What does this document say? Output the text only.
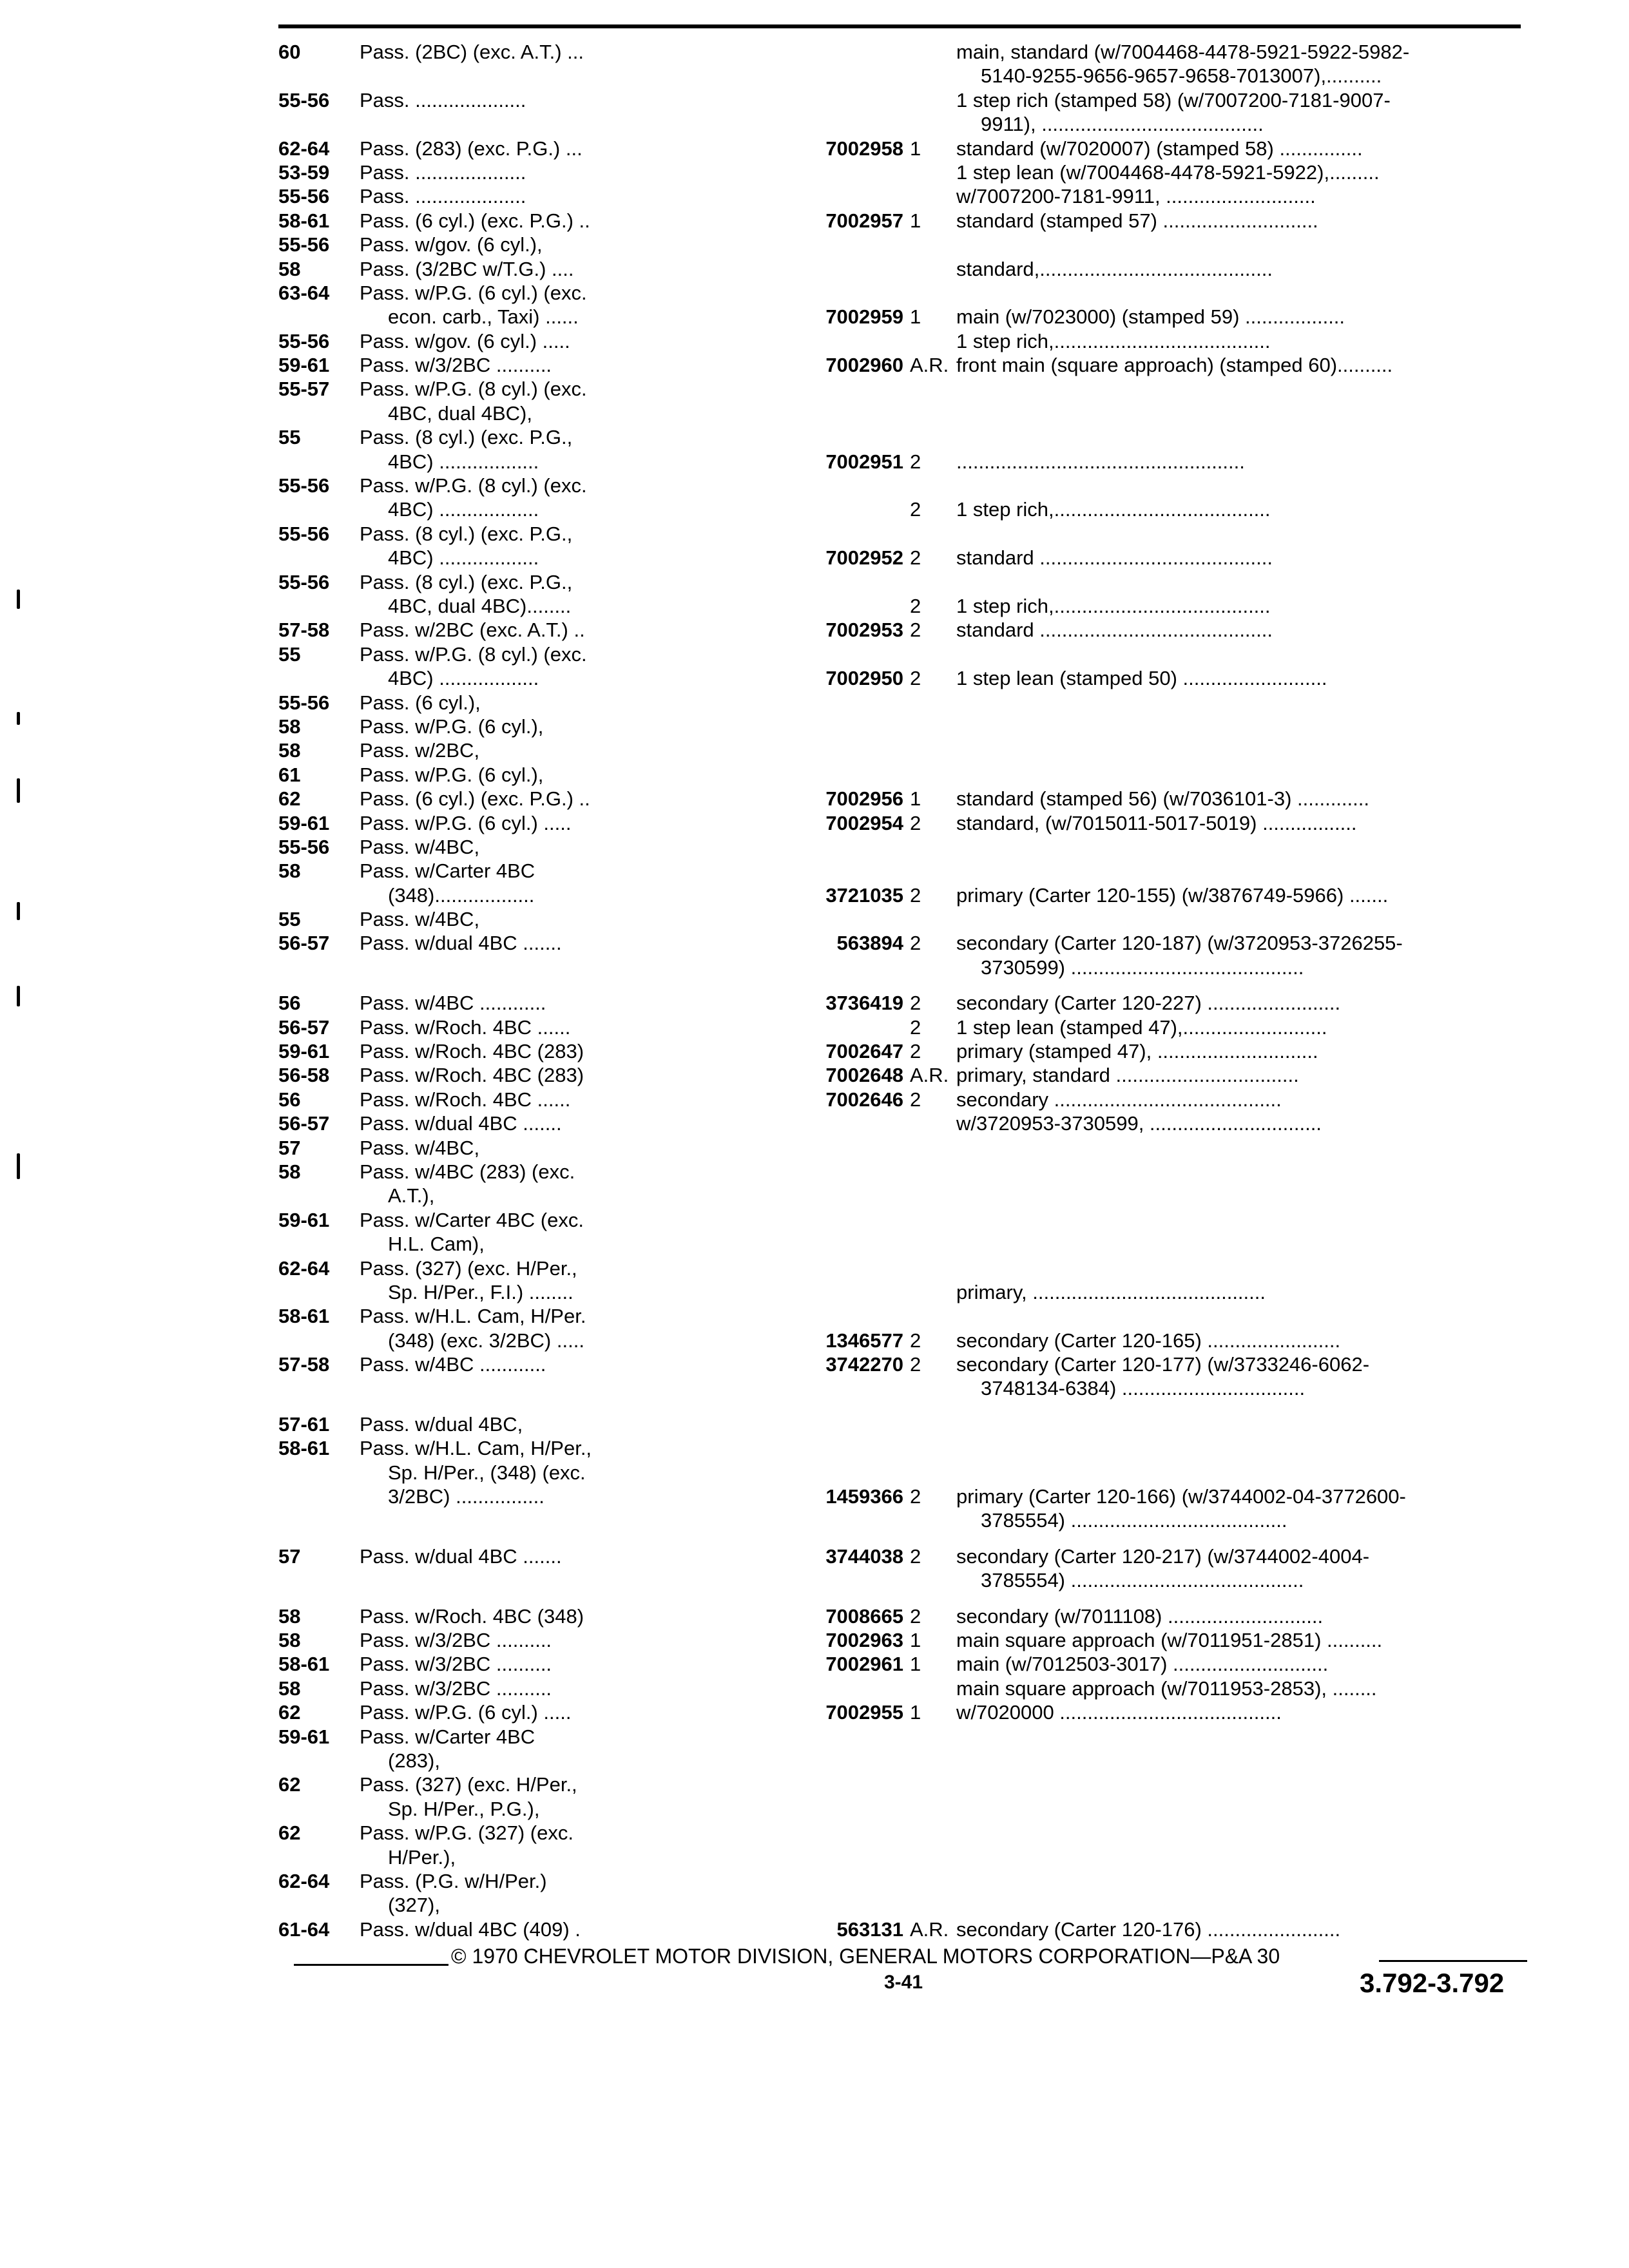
60	Pass. (2BC) (exc. A.T.) ...	main, standard (w/7004468-4478-5921-5922-5982-
5140-9255-9656-9657-9658-7013007),..........
55-56	Pass. ....................	1 step rich (stamped 58) (w/7007200-7181-9007-
9911), ........................................
62-64	Pass. (283) (exc. P.G.) ...	7002958 1	standard (w/7020007) (stamped 58) ...............
53-59	Pass. ....................	1 step lean (w/7004468-4478-5921-5922),.........
55-56	Pass. ....................	w/7007200-7181-9911, ...........................
58-61	Pass. (6 cyl.) (exc. P.G.) ..	7002957 1	standard (stamped 57) ............................
55-56	Pass. w/gov. (6 cyl.),
58	Pass. (3/2BC w/T.G.) ....	standard,..........................................
63-64	Pass. w/P.G. (6 cyl.) (exc.
econ. carb., Taxi) ......	7002959 1	main (w/7023000) (stamped 59) ..................
55-56	Pass. w/gov. (6 cyl.) .....	1 step rich,.......................................
59-61	Pass. w/3/2BC ..........	7002960 A.R. front main (square approach) (stamped 60)..........
55-57	Pass. w/P.G. (8 cyl.) (exc.
4BC, dual 4BC),
55	Pass. (8 cyl.) (exc. P.G.,
4BC) ..................	7002951 2	....................................................
55-56	Pass. w/P.G. (8 cyl.) (exc.
4BC) ..................	2	1 step rich,.......................................
55-56	Pass. (8 cyl.) (exc. P.G.,
4BC) ..................	7002952 2	standard ..........................................
55-56	Pass. (8 cyl.) (exc. P.G.,
4BC, dual 4BC)........	2	1 step rich,.......................................
57-58	Pass. w/2BC (exc. A.T.) ..	7002953 2	standard ..........................................
55	Pass. w/P.G. (8 cyl.) (exc.
4BC) ..................	7002950 2	1 step lean (stamped 50) ..........................
55-56	Pass. (6 cyl.),
58	Pass. w/P.G. (6 cyl.),
58	Pass. w/2BC,
61	Pass. w/P.G. (6 cyl.),
62	Pass. (6 cyl.) (exc. P.G.) ..	7002956 1	standard (stamped 56) (w/7036101-3) .............
59-61	Pass. w/P.G. (6 cyl.) .....	7002954 2	standard, (w/7015011-5017-5019) .................
55-56	Pass. w/4BC,
58	Pass. w/Carter 4BC
(348)..................	3721035 2	primary (Carter 120-155) (w/3876749-5966) .......
55	Pass. w/4BC,
56-57	Pass. w/dual 4BC .......	563894 2	secondary (Carter 120-187) (w/3720953-3726255-
3730599) ..........................................
56	Pass. w/4BC ............	3736419 2	secondary (Carter 120-227) ........................
56-57	Pass. w/Roch. 4BC ......	2	1 step lean (stamped 47),..........................
59-61	Pass. w/Roch. 4BC (283)	7002647 2	primary (stamped 47), .............................
56-58	Pass. w/Roch. 4BC (283)	7002648 A.R. primary, standard .................................
56	Pass. w/Roch. 4BC ......	7002646 2	secondary .........................................
56-57	Pass. w/dual 4BC .......	w/3720953-3730599, ...............................
57	Pass. w/4BC,
58	Pass. w/4BC (283) (exc.
A.T.),
59-61	Pass. w/Carter 4BC (exc.
H.L. Cam),
62-64	Pass. (327) (exc. H/Per.,
Sp. H/Per., F.I.) ........	primary, ..........................................
58-61	Pass. w/H.L. Cam, H/Per.
(348) (exc. 3/2BC) .....	1346577 2	secondary (Carter 120-165) ........................
57-58	Pass. w/4BC ............	3742270 2	secondary (Carter 120-177) (w/3733246-6062-
3748134-6384) .................................
57-61	Pass. w/dual 4BC,
58-61	Pass. w/H.L. Cam, H/Per.,
Sp. H/Per., (348) (exc.
3/2BC) ................	1459366 2	primary (Carter 120-166) (w/3744002-04-3772600-
3785554) .......................................
57	Pass. w/dual 4BC .......	3744038 2	secondary (Carter 120-217) (w/3744002-4004-
3785554) ..........................................
58	Pass. w/Roch. 4BC (348)	7008665 2	secondary (w/7011108) ............................
58	Pass. w/3/2BC ..........	7002963 1	main square approach (w/7011951-2851) ..........
58-61	Pass. w/3/2BC ..........	7002961 1	main (w/7012503-3017) ............................
58	Pass. w/3/2BC ..........	main square approach (w/7011953-2853), ........
62	Pass. w/P.G. (6 cyl.) .....	7002955 1	w/7020000 ........................................
59-61	Pass. w/Carter 4BC
(283),
62	Pass. (327) (exc. H/Per.,
Sp. H/Per., P.G.),
62	Pass. w/P.G. (327) (exc.
H/Per.),
62-64	Pass. (P.G. w/H/Per.)
(327),
61-64	Pass. w/dual 4BC (409) .	563131 A.R. secondary (Carter 120-176) ........................
© 1970 CHEVROLET MOTOR DIVISION, GENERAL MOTORS CORPORATION—P&A 30
3-41	3.792-3.792
